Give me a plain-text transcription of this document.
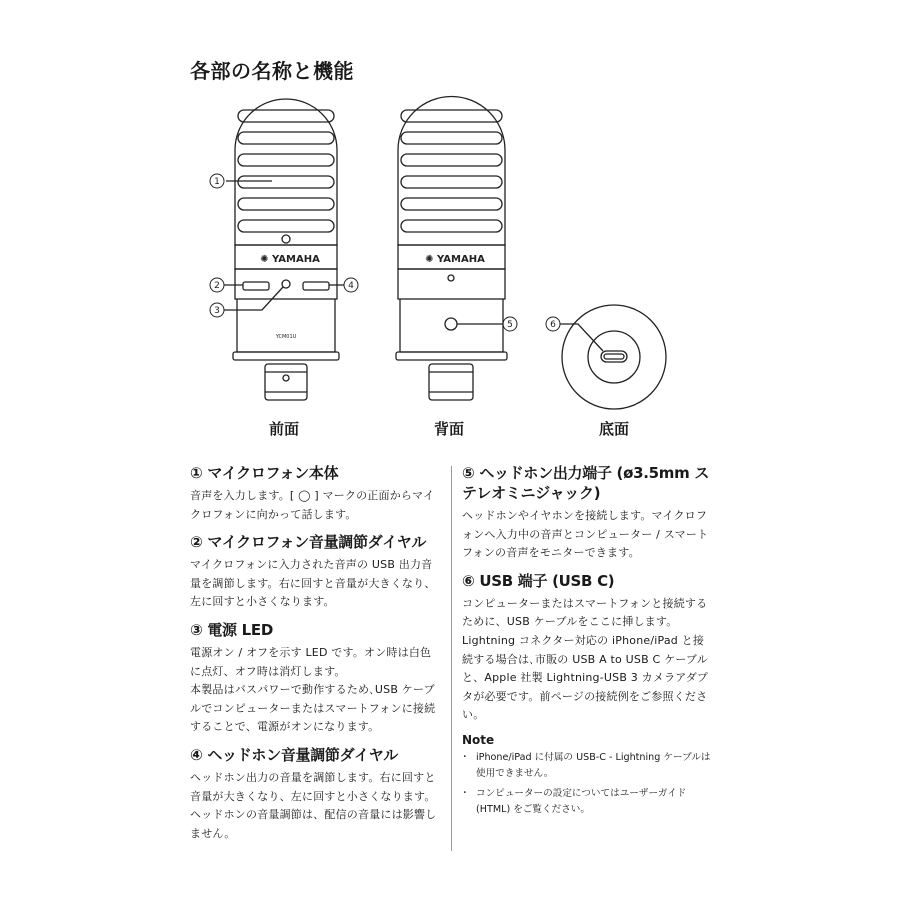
各部の名称と機能
1
2
3
4
5	6
✺ YAMAHA	✺ YAMAHA
YCM01U
前面	背面	底面
① マイクロフォン本体

音声を入力します。[ ◯ ] マークの正面からマイクロフォンに向かって話します。

② マイクロフォン音量調節ダイヤル

マイクロフォンに入力された音声の USB 出力音量を調節します。右に回すと音量が大きくなり、左に回すと小さくなります。

③ 電源 LED

電源オン / オフを示す LED です。オン時は白色に点灯、オフ時は消灯します。

本製品はバスパワーで動作するため､USB ケーブルでコンピューターまたはスマートフォンに接続することで、電源がオンになります。

④ ヘッドホン音量調節ダイヤル

ヘッドホン出力の音量を調節します。右に回すと音量が大きくなり、左に回すと小さくなります。ヘッドホンの音量調節は、配信の音量には影響しません。

⑤ ヘッドホン出力端子 (ø3.5mm ステレオミニジャック)

ヘッドホンやイヤホンを接続します。マイクロフォンへ入力中の音声とコンピューター / スマートフォンの音声をモニターできます。

⑥ USB 端子 (USB C)

コンピューターまたはスマートフォンと接続するために、USB ケーブルをここに挿します。Lightning コネクター対応の iPhone/iPad と接続する場合は､市販の USB A to USB C ケーブルと、Apple 社製 Lightning-USB 3 カメラアダプタが必要です。前ページの接続例をご参照ください。

Note
・ iPhone/iPad に付属の USB-C - Lightning ケーブルは使用できません。
・ コンピューターの設定についてはユーザーガイド (HTML) をご覧ください。
